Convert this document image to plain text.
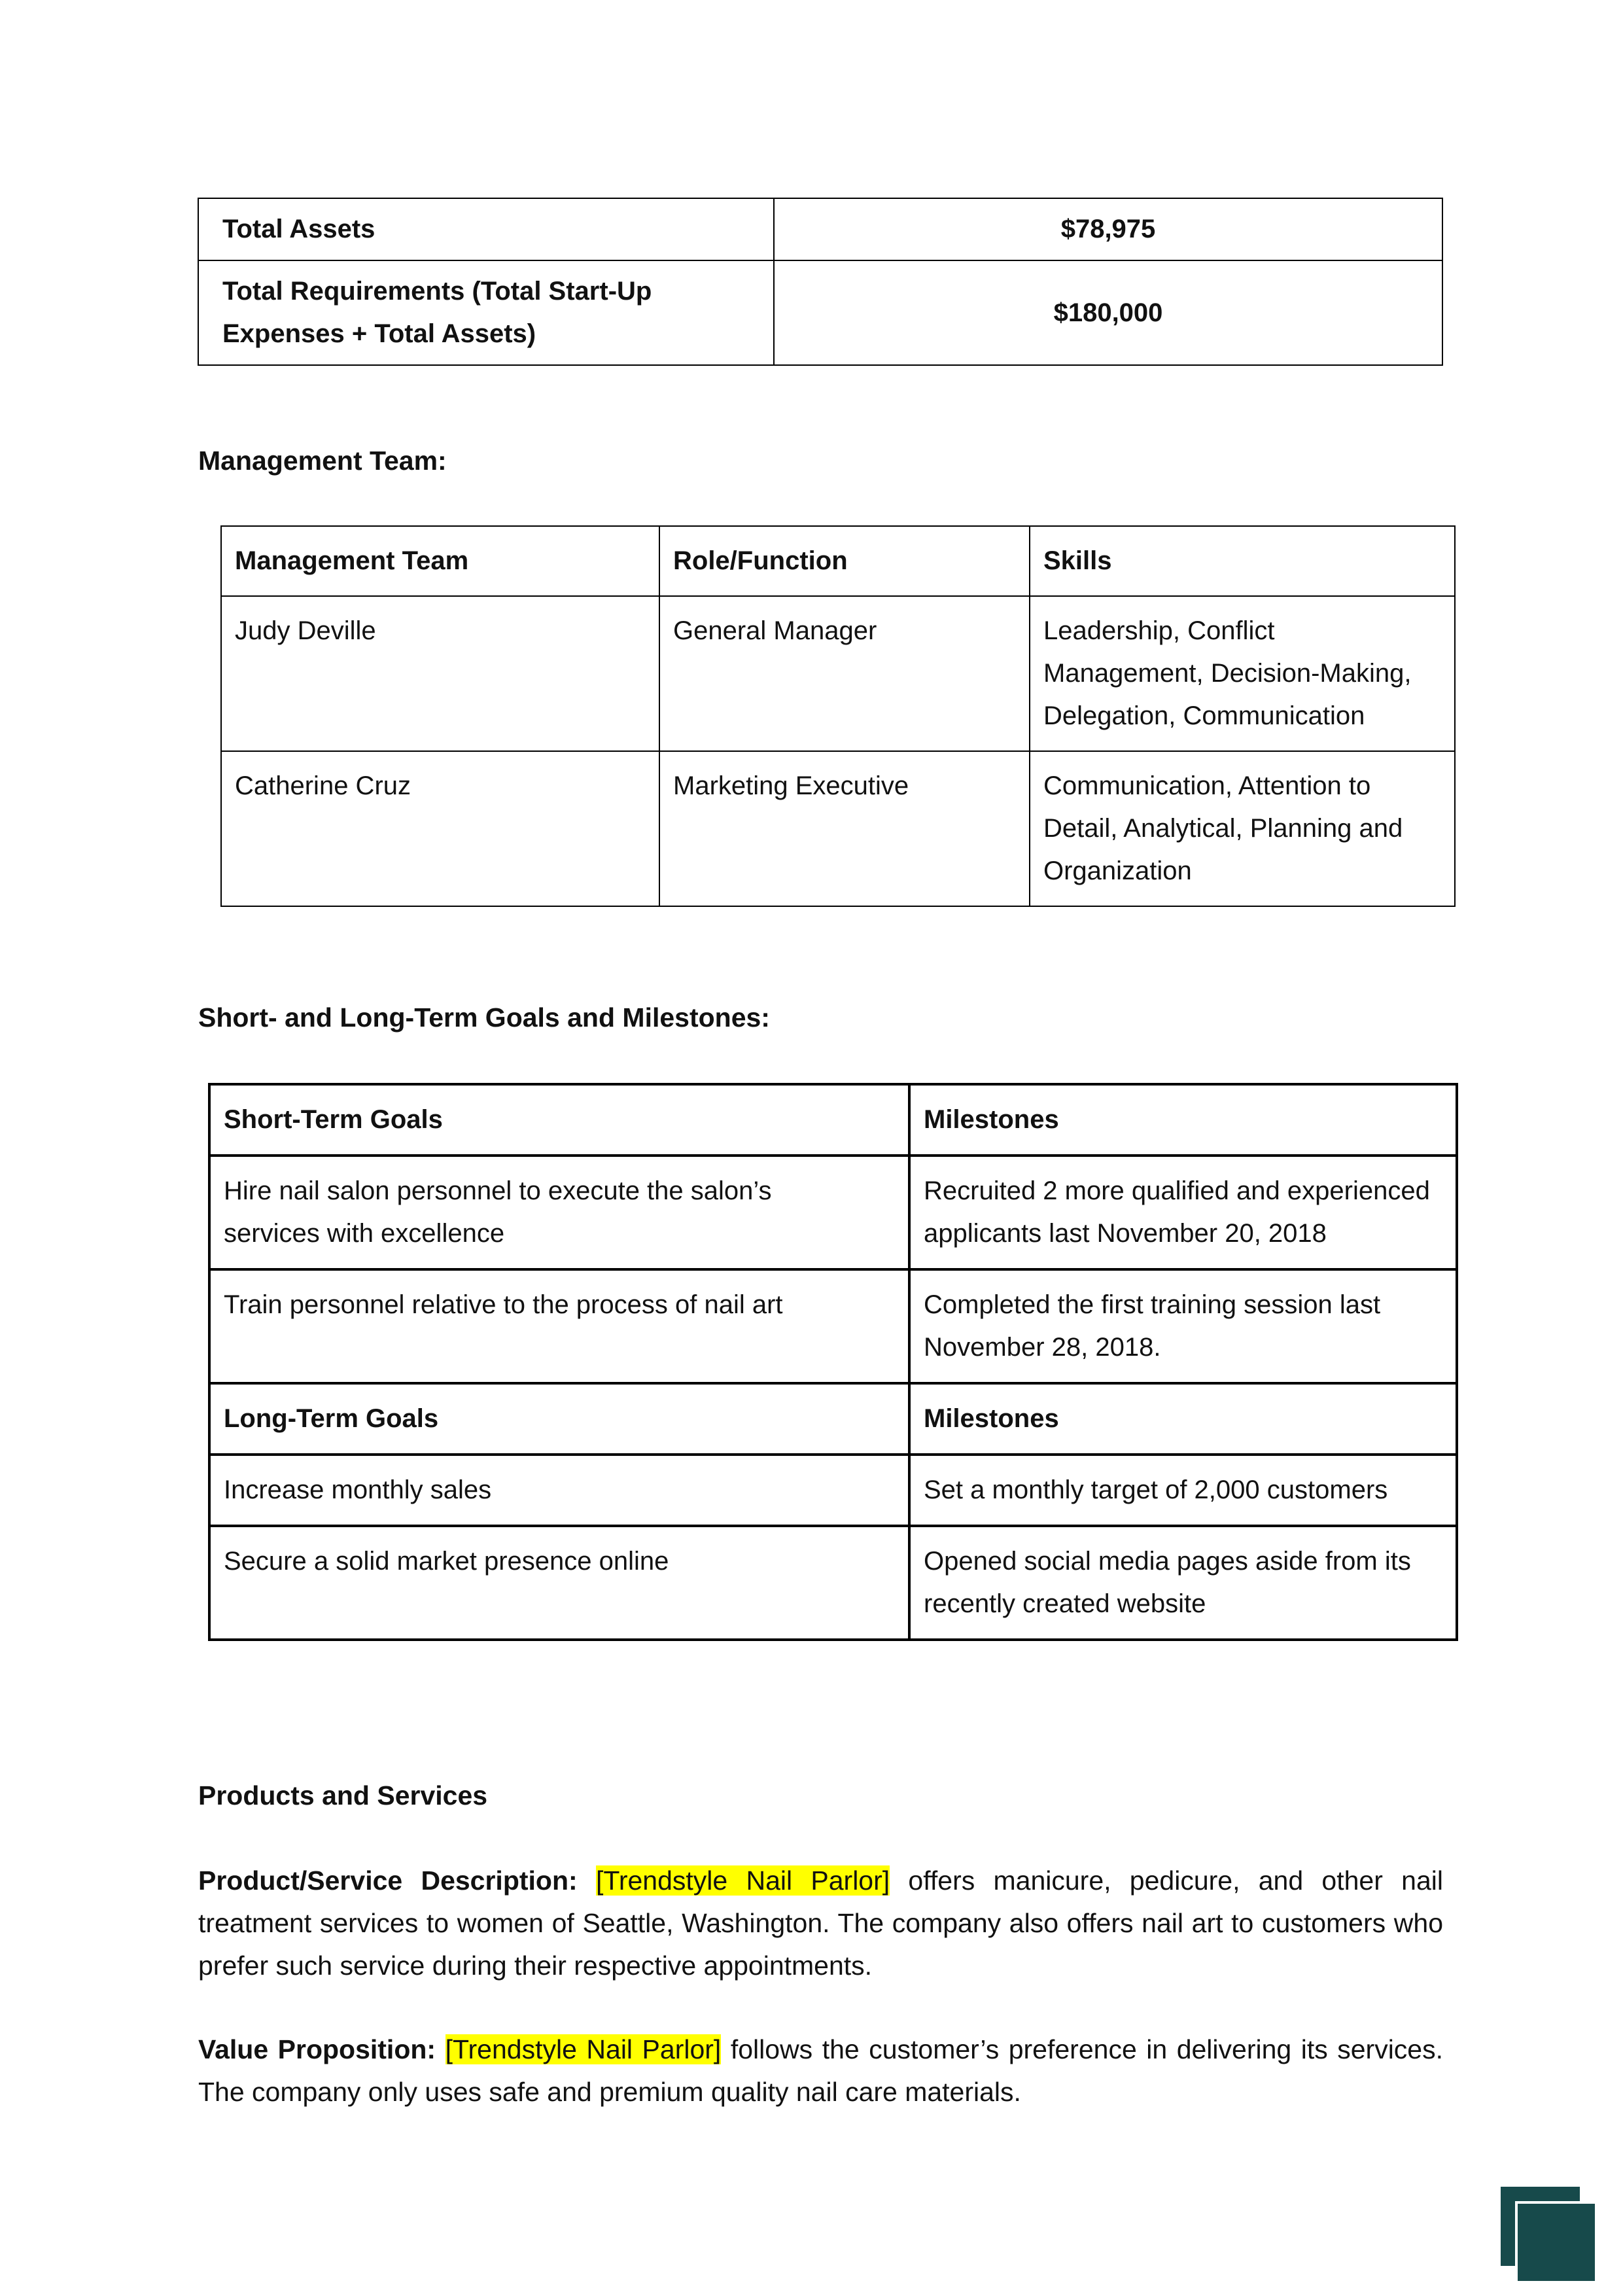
Total Assets	$78,975
Total Requirements (Total Start-Up Expenses + Total Assets)	$180,000

Management Team:

Management Team	Role/Function	Skills
Judy Deville	General Manager	Leadership, Conflict Management, Decision-Making, Delegation, Communication
Catherine Cruz	Marketing Executive	Communication, Attention to Detail, Analytical, Planning and Organization

Short- and Long-Term Goals and Milestones:

Short-Term Goals	Milestones
Hire nail salon personnel to execute the salon’s services with excellence	Recruited 2 more qualified and experienced applicants last November 20, 2018
Train personnel relative to the process of nail art	Completed the first training session last November 28, 2018.
Long-Term Goals	Milestones
Increase monthly sales	Set a monthly target of 2,000 customers
Secure a solid market presence online	Opened social media pages aside from its recently created website

Products and Services

Product/Service Description: [Trendstyle Nail Parlor] offers manicure, pedicure, and other nail treatment services to women of Seattle, Washington. The company also offers nail art to customers who prefer such service during their respective appointments.

Value Proposition: [Trendstyle Nail Parlor] follows the customer’s preference in delivering its services. The company only uses safe and premium quality nail care materials.
